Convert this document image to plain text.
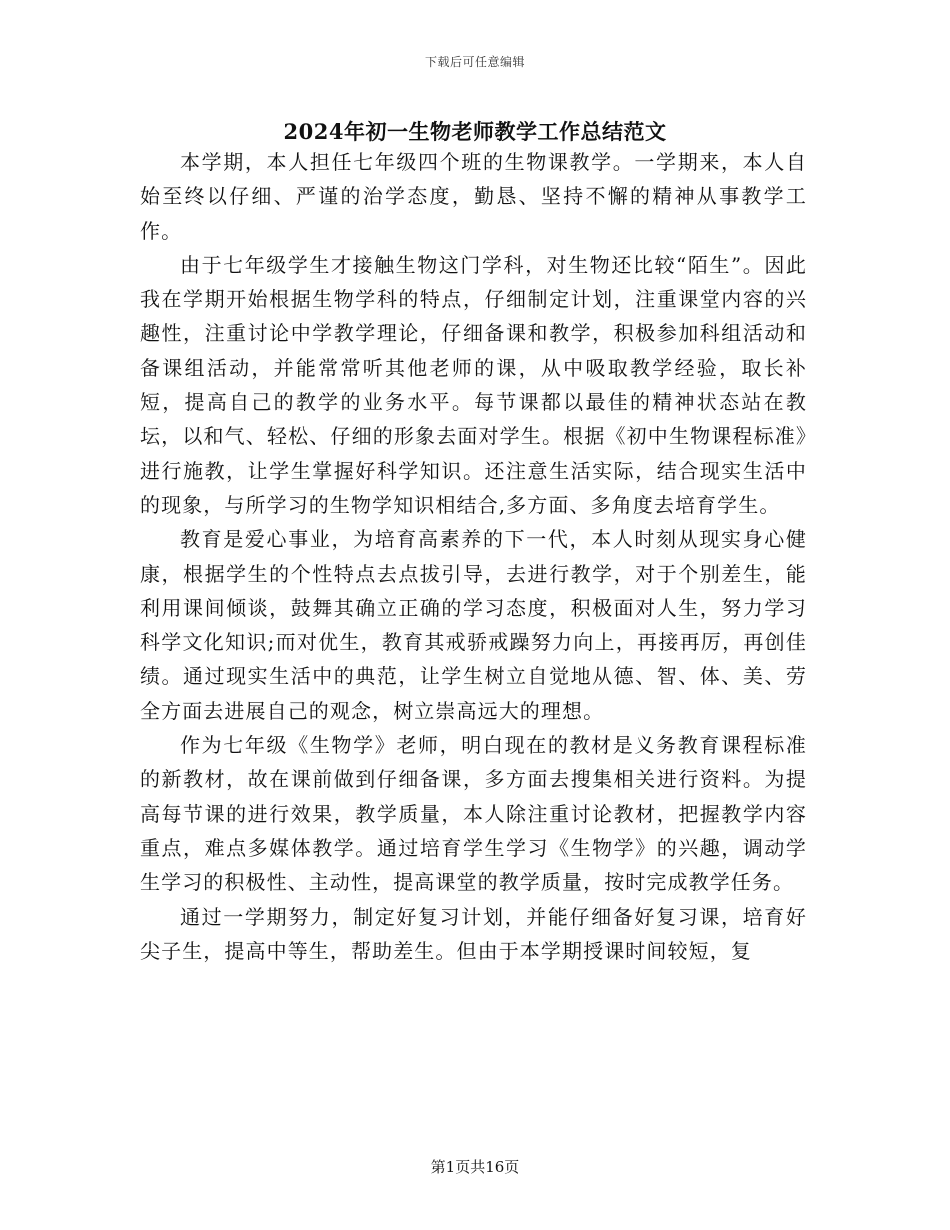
下载后可任意编辑
2024年初一生物老师教学工作总结范文

本学期，本人担任七年级四个班的生物课教学。一学期来，本人自始至终以仔细、严谨的治学态度，勤恳、坚持不懈的精神从事教学工作。

由于七年级学生才接触生物这门学科，对生物还比较“陌生”。因此我在学期开始根据生物学科的特点，仔细制定计划，注重课堂内容的兴趣性，注重讨论中学教学理论，仔细备课和教学，积极参加科组活动和备课组活动，并能常常听其他老师的课，从中吸取教学经验，取长补短，提高自己的教学的业务水平。每节课都以最佳的精神状态站在教坛，以和气、轻松、仔细的形象去面对学生。根据《初中生物课程标准》进行施教，让学生掌握好科学知识。还注意生活实际，结合现实生活中的现象，与所学习的生物学知识相结合,多方面、多角度去培育学生。

教育是爱心事业，为培育高素养的下一代，本人时刻从现实身心健康，根据学生的个性特点去点拔引导，去进行教学，对于个别差生，能利用课间倾谈，鼓舞其确立正确的学习态度，积极面对人生，努力学习科学文化知识;而对优生，教育其戒骄戒躁努力向上，再接再厉，再创佳绩。通过现实生活中的典范，让学生树立自觉地从德、智、体、美、劳全方面去进展自己的观念，树立崇高远大的理想。

作为七年级《生物学》老师，明白现在的教材是义务教育课程标准的新教材，故在课前做到仔细备课，多方面去搜集相关进行资料。为提高每节课的进行效果，教学质量，本人除注重讨论教材，把握教学内容重点，难点多媒体教学。通过培育学生学习《生物学》的兴趣，调动学生学习的积极性、主动性，提高课堂的教学质量，按时完成教学任务。

通过一学期努力，制定好复习计划，并能仔细备好复习课，培育好尖子生，提高中等生，帮助差生。但由于本学期授课时间较短，复

第1页共16页
